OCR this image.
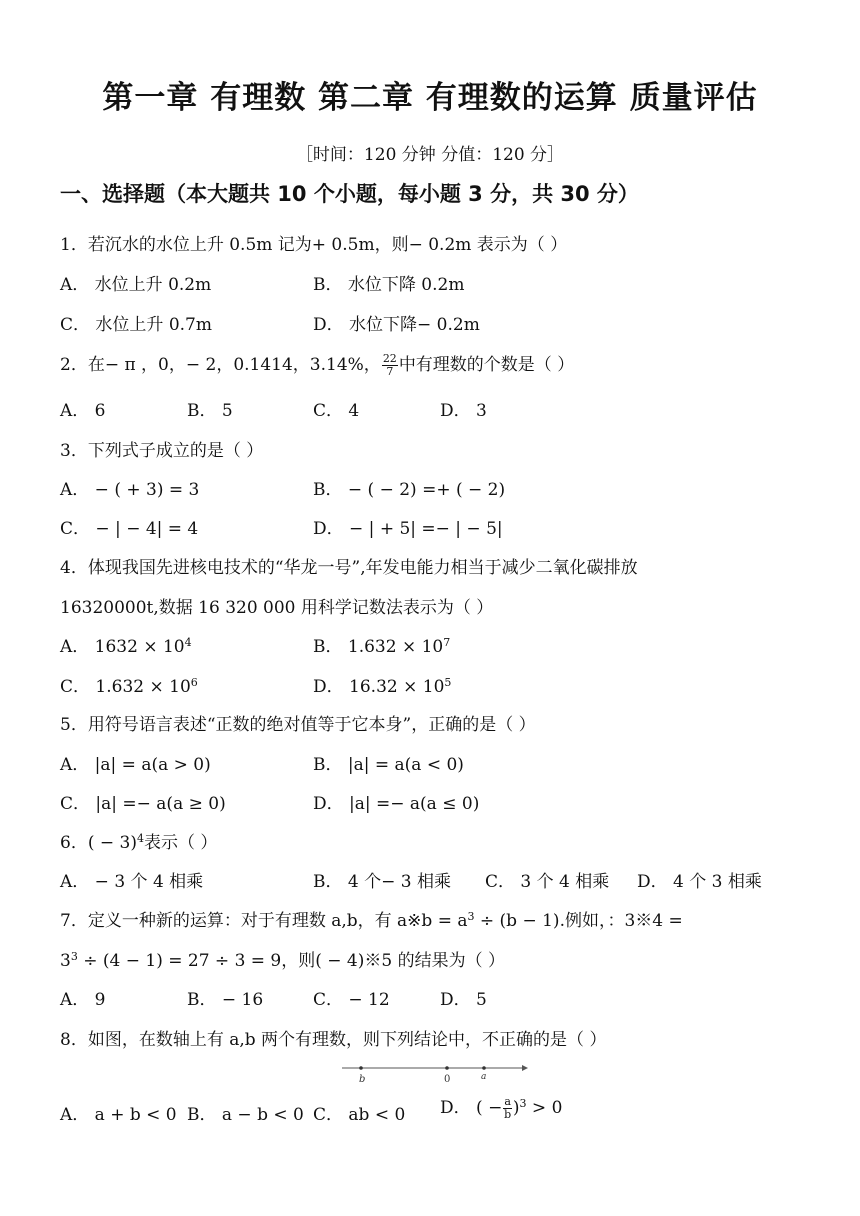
第一章 有理数 第二章 有理数的运算 质量评估
［时间：120 分钟 分值：120 分］
一、选择题（本大题共 10 个小题，每小题 3 分，共 30 分）
1．若沉水的水位上升 0.5m 记为+ 0.5m，则− 0.2m 表示为（ ）
A． 水位上升 0.2m	B． 水位下降 0.2m
C． 水位上升 0.7m	D． 水位下降− 0.2m
2．在− π ，0，− 2，0.1414，3.14%， $\frac{22}{7}$ 中有理数的个数是（ ）
A． 6	B． 5	C． 4	D． 3
3．下列式子成立的是（ ）
A． − ( + 3) = 3	B． − ( − 2) =+ ( − 2)
C． − | − 4| = 4	D． − | + 5| =− | − 5|
4．体现我国先进核电技术的“华龙一号”,年发电能力相当于减少二氧化碳排放
16320000t,数据 16 320 000 用科学记数法表示为（ ）
A． $1632 \times 10^4$	B． $1.632 \times 10^7$
C． $1.632 \times 10^6$	D． $16.32 \times 10^5$
5．用符号语言表述“正数的绝对值等于它本身”，正确的是（ ）
A． |a| = a(a > 0)	B． |a| = a(a < 0)
C． |a| =− a(a ≥ 0)	D． |a| =− a(a ≤ 0)
6．( − 3)$^4$表示（ ）
A． − 3 个 4 相乘	B． 4 个− 3 相乘 C． 3 个 4 相乘 D． 4 个 3 相乘
7．定义一种新的运算：对于有理数 a,b，有 a※b = $a^3 \div (b - 1)$.例如，：3※4 =
$3^3 \div (4 - 1) = 27 \div 3 = 9$，则( − 4)※5 的结果为（ ）
A． 9	B． − 16	C． − 12	D． 5
8．如图，在数轴上有 a,b 两个有理数，则下列结论中，不正确的是（ ）
b	0	a
A． a + b < 0 B． a − b < 0 C． ab < 0 D． ( − $\frac{a}{b} )^3 > 0$
